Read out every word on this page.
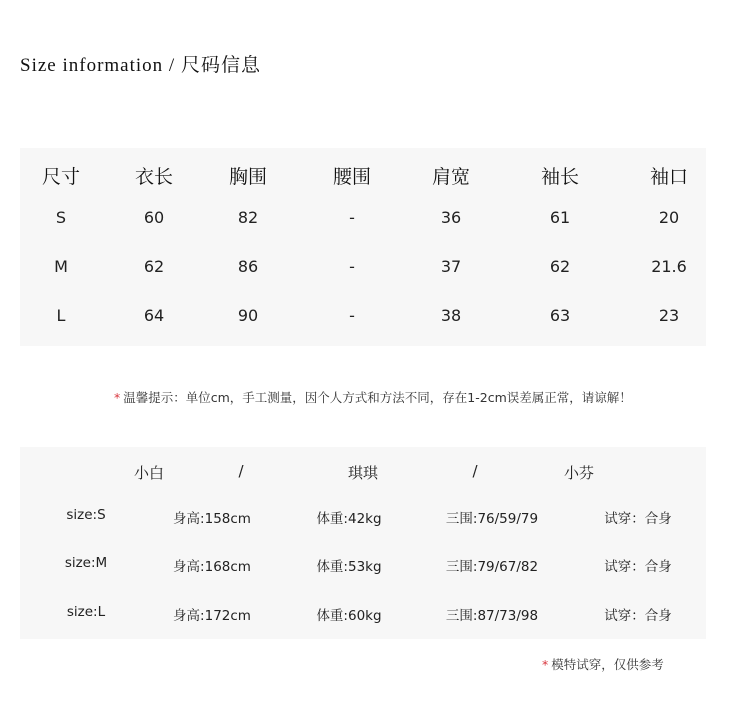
Size information / 尺码信息
尺寸	衣长	胸围	腰围	肩宽	袖长	袖口
S	60	82	-	36	61	20
M	62	86	-	37	62	21.6
L	64	90	-	38	63	23
* 温馨提示：单位cm，手工测量，因个人方式和方法不同，存在1-2cm误差属正常，请谅解！
小白	/	琪琪	/	小芬
size:S	身高:158cm	体重:42kg	三围:76/59/79	试穿：合身
size:M	身高:168cm	体重:53kg	三围:79/67/82	试穿：合身
size:L	身高:172cm	体重:60kg	三围:87/73/98	试穿：合身
* 模特试穿，仅供参考
